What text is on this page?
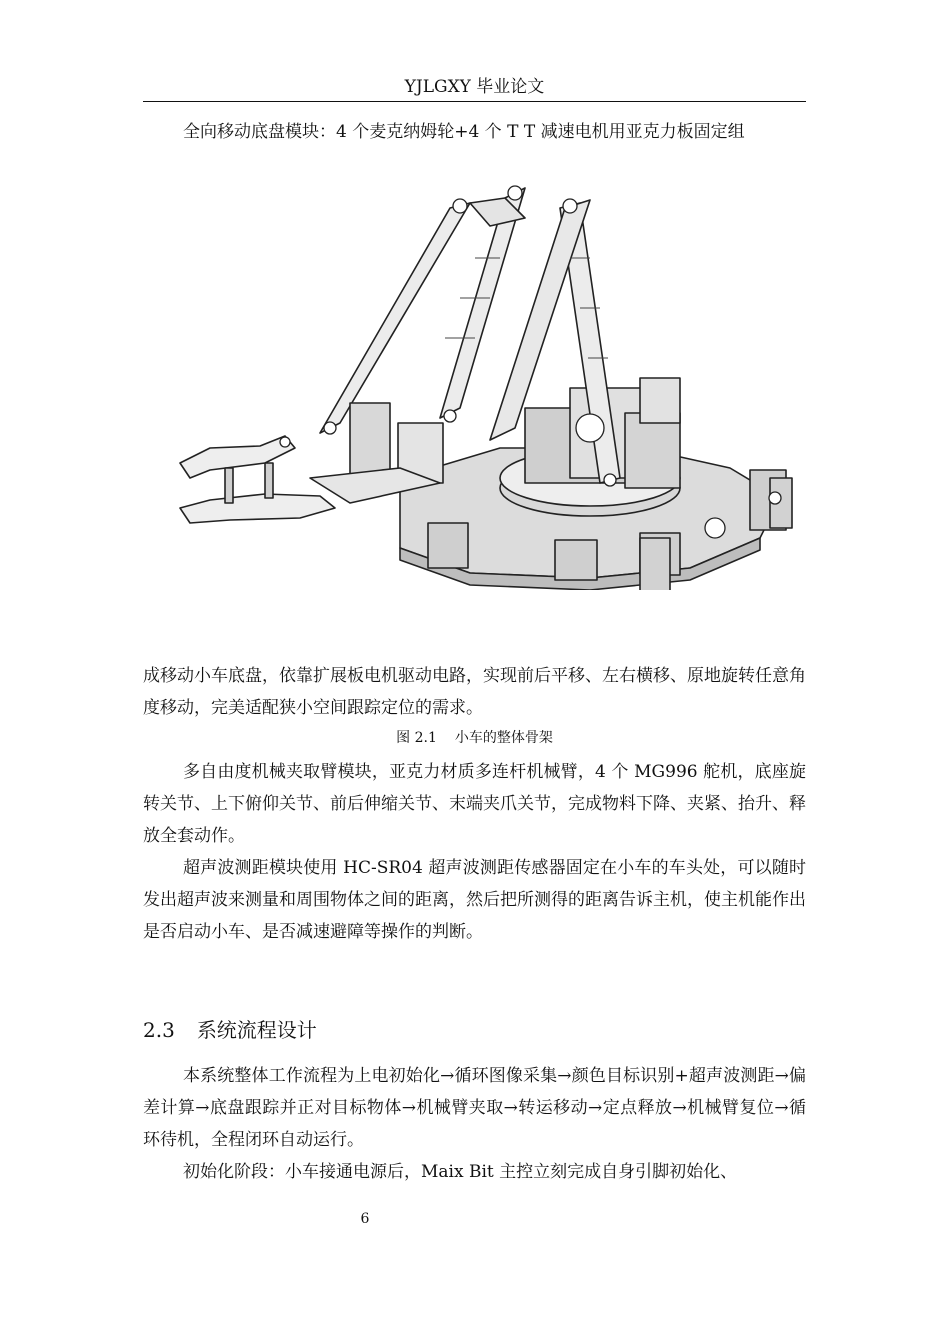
YJLGXY 毕业论文

全向移动底盘模块：4 个麦克纳姆轮+4 个 T T 减速电机用亚克力板固定组

成移动小车底盘，依靠扩展板电机驱动电路，实现前后平移、左右横移、原地旋转任意角度移动，完美适配狭小空间跟踪定位的需求。

图 2.1 小车的整体骨架

多自由度机械夹取臂模块，亚克力材质多连杆机械臂，4 个 MG996 舵机，底座旋转关节、上下俯仰关节、前后伸缩关节、末端夹爪关节，完成物料下降、夹紧、抬升、释放全套动作。

超声波测距模块使用 HC-SR04 超声波测距传感器固定在小车的车头处，可以随时发出超声波来测量和周围物体之间的距离，然后把所测得的距离告诉主机，使主机能作出是否启动小车、是否减速避障等操作的判断。

2.3 系统流程设计

本系统整体工作流程为上电初始化→循环图像采集→颜色目标识别+超声波测距→偏差计算→底盘跟踪并正对目标物体→机械臂夹取→转运移动→定点释放→机械臂复位→循环待机，全程闭环自动运行。

初始化阶段：小车接通电源后，Maix Bit 主控立刻完成自身引脚初始化、

6
